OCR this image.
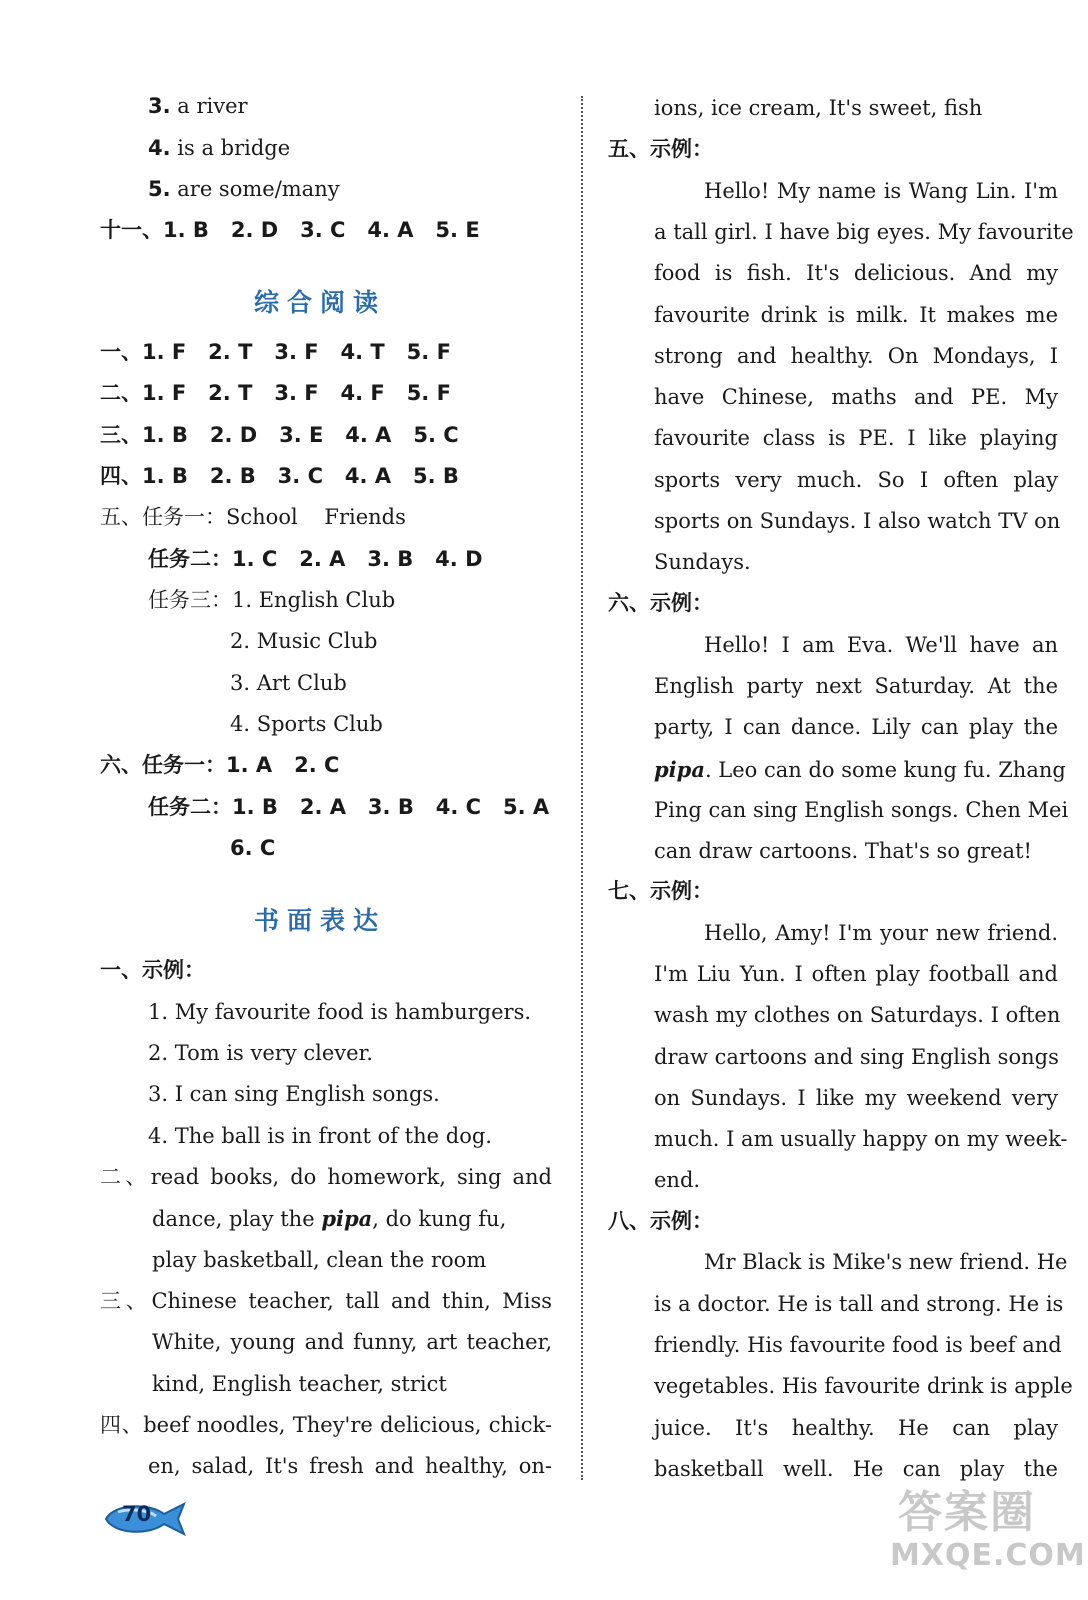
3. a river
4. is a bridge
5. are some/many
十一、1. B   2. D   3. C   4. A   5. E
综合阅读
一、1. F   2. T   3. F   4. T   5. F
二、1. F   2. T   3. F   4. F   5. F
三、1. B   2. D   3. E   4. A   5. C
四、1. B   2. B   3. C   4. A   5. B
五、任务一：School    Friends
任务二：1. C   2. A   3. B   4. D
任务三：1. English Club
2. Music Club
3. Art Club
4. Sports Club
六、任务一：1. A   2. C
任务二：1. B   2. A   3. B   4. C   5. A
6. C
书面表达
一、示例：
1. My favourite food is hamburgers.
2. Tom is very clever.
3. I can sing English songs.
4. The ball is in front of the dog.
二、read books, do homework, sing and
dance, play the pipa, do kung fu,
play basketball, clean the room
三、Chinese teacher, tall and thin, Miss
White, young and funny, art teacher,
kind, English teacher, strict
四、beef noodles, They're delicious, chick-
en, salad, It's fresh and healthy, on-
ions, ice cream, It's sweet, fish
五、示例：
Hello! My name is Wang Lin. I'm
a tall girl. I have big eyes. My favourite
food is fish. It's delicious. And my
favourite drink is milk. It makes me
strong and healthy. On Mondays, I
have Chinese, maths and PE. My
favourite class is PE. I like playing
sports very much. So I often play
sports on Sundays. I also watch TV on
Sundays.
六、示例：
Hello! I am Eva. We'll have an
English party next Saturday. At the
party, I can dance. Lily can play the
pipa. Leo can do some kung fu. Zhang
Ping can sing English songs. Chen Mei
can draw cartoons. That's so great!
七、示例：
Hello, Amy! I'm your new friend.
I'm Liu Yun. I often play football and
wash my clothes on Saturdays. I often
draw cartoons and sing English songs
on Sundays. I like my weekend very
much. I am usually happy on my week-
end.
八、示例：
Mr Black is Mike's new friend. He
is a doctor. He is tall and strong. He is
friendly. His favourite food is beef and
vegetables. His favourite drink is apple
juice. It's healthy. He can play
basketball well. He can play the
70	答案圈
MXQE.COM
